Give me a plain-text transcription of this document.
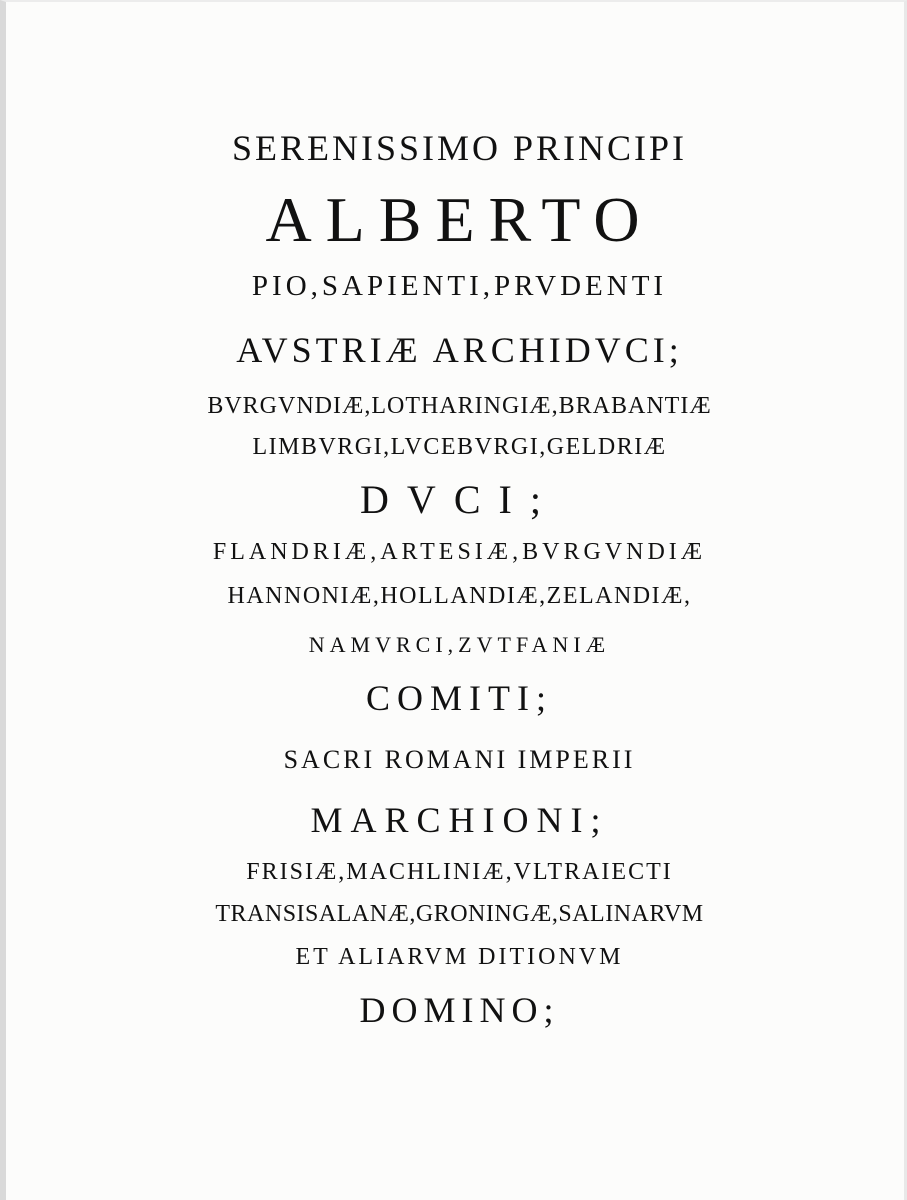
SERENISSIMO PRINCIPI
ALBERTO
PIO,SAPIENTI,PRVDENTI
AVSTRIÆ ARCHIDVCI;
BVRGVNDIÆ,LOTHARINGIÆ,BRABANTIÆ
LIMBVRGI,LVCEBVRGI,GELDRIÆ
DVCI;
FLANDRIÆ,ARTESIÆ,BVRGVNDIÆ
HANNONIÆ,HOLLANDIÆ,ZELANDIÆ,
NAMVRCI,ZVTFANIÆ
COMITI;
SACRI ROMANI IMPERII
MARCHIONI;
FRISIÆ,MACHLINIÆ,VLTRAIECTI
TRANSISALANÆ,GRONINGÆ,SALINARVM
ET ALIARVM DITIONVM
DOMINO;
